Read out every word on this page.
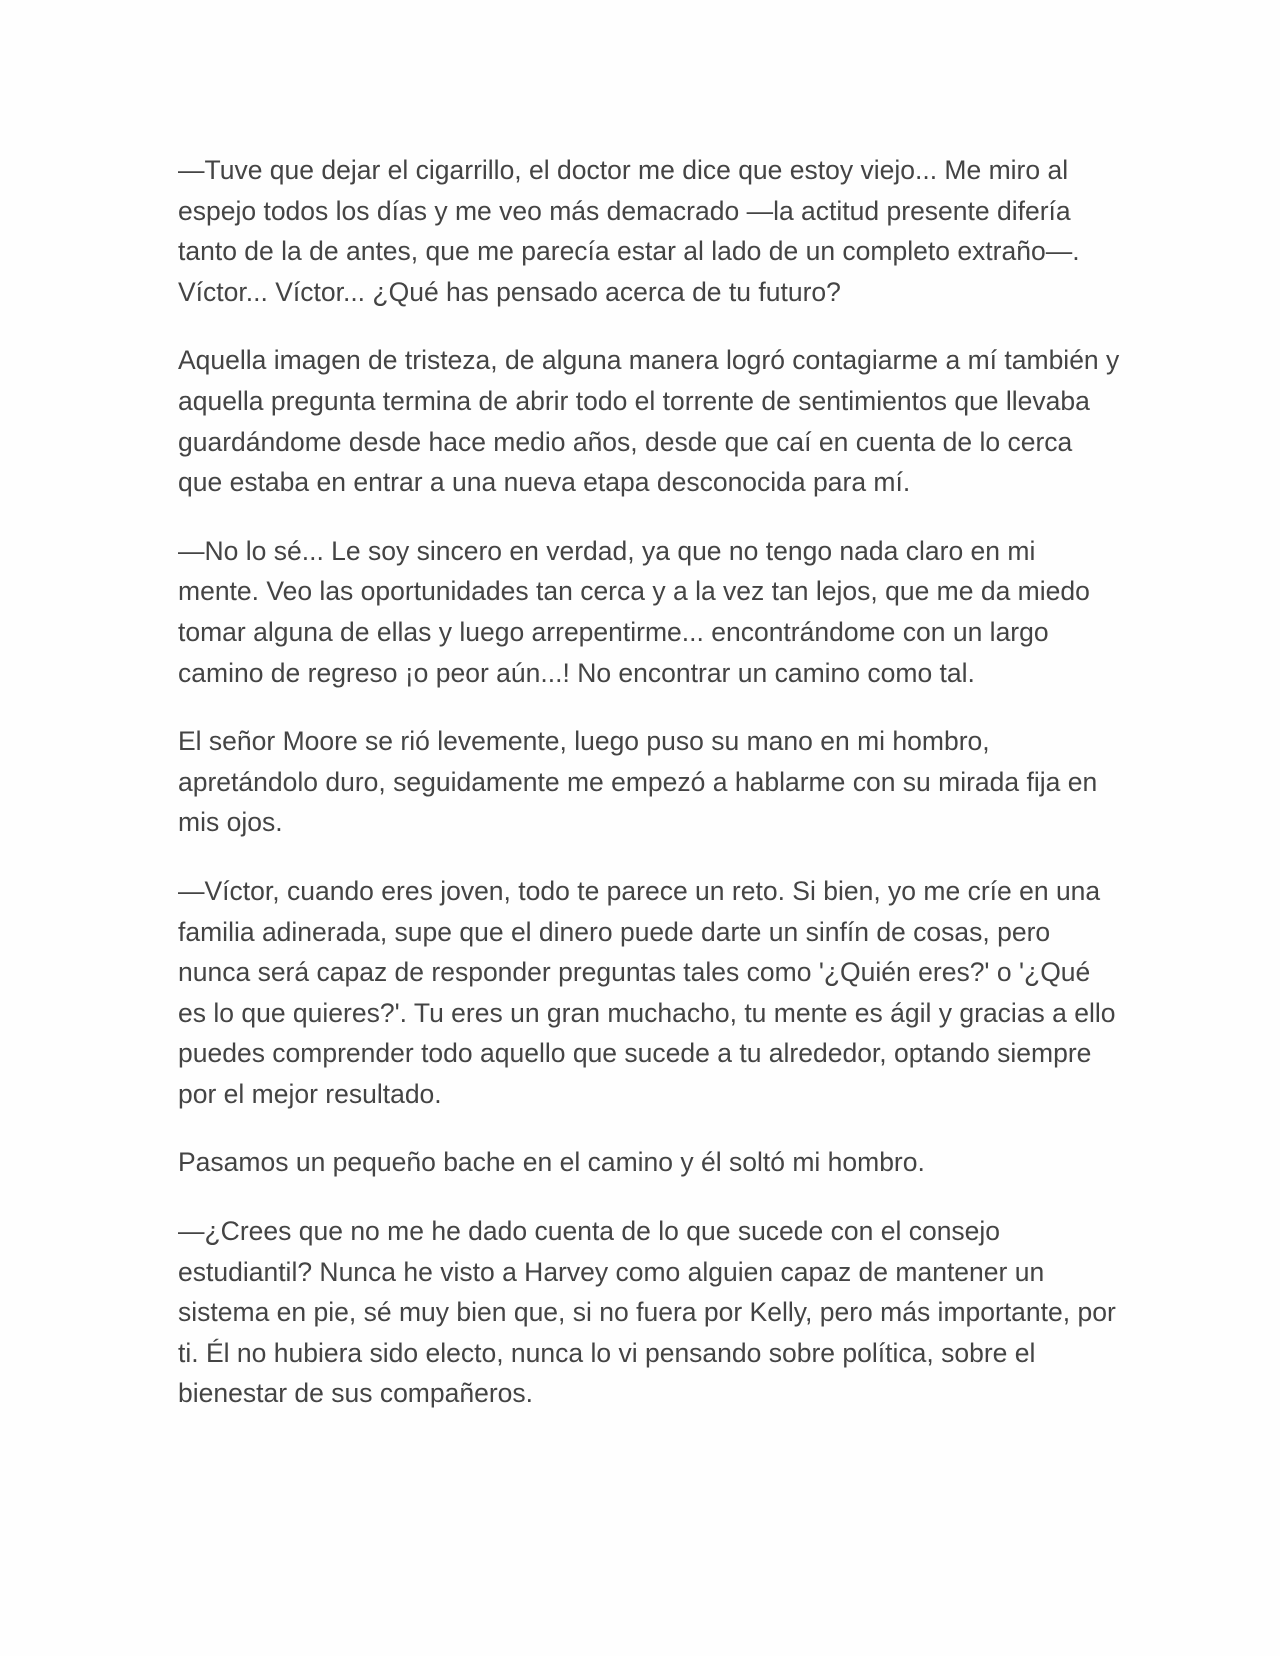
—Tuve que dejar el cigarrillo, el doctor me dice que estoy viejo... Me miro al espejo todos los días y me veo más demacrado —la actitud presente difería tanto de la de antes, que me parecía estar al lado de un completo extraño—. Víctor... Víctor... ¿Qué has pensado acerca de tu futuro?

Aquella imagen de tristeza, de alguna manera logró contagiarme a mí también y aquella pregunta termina de abrir todo el torrente de sentimientos que llevaba guardándome desde hace medio años, desde que caí en cuenta de lo cerca que estaba en entrar a una nueva etapa desconocida para mí.

—No lo sé... Le soy sincero en verdad, ya que no tengo nada claro en mi mente. Veo las oportunidades tan cerca y a la vez tan lejos, que me da miedo tomar alguna de ellas y luego arrepentirme... encontrándome con un largo camino de regreso ¡o peor aún...! No encontrar un camino como tal.

El señor Moore se rió levemente, luego puso su mano en mi hombro, apretándolo duro, seguidamente me empezó a hablarme con su mirada fija en mis ojos.

—Víctor, cuando eres joven, todo te parece un reto. Si bien, yo me críe en una familia adinerada, supe que el dinero puede darte un sinfín de cosas, pero nunca será capaz de responder preguntas tales como '¿Quién eres?' o '¿Qué es lo que quieres?'. Tu eres un gran muchacho, tu mente es ágil y gracias a ello puedes comprender todo aquello que sucede a tu alrededor, optando siempre por el mejor resultado.

Pasamos un pequeño bache en el camino y él soltó mi hombro.

—¿Crees que no me he dado cuenta de lo que sucede con el consejo estudiantil? Nunca he visto a Harvey como alguien capaz de mantener un sistema en pie, sé muy bien que, si no fuera por Kelly, pero más importante, por ti. Él no hubiera sido electo, nunca lo vi pensando sobre política, sobre el bienestar de sus compañeros.
